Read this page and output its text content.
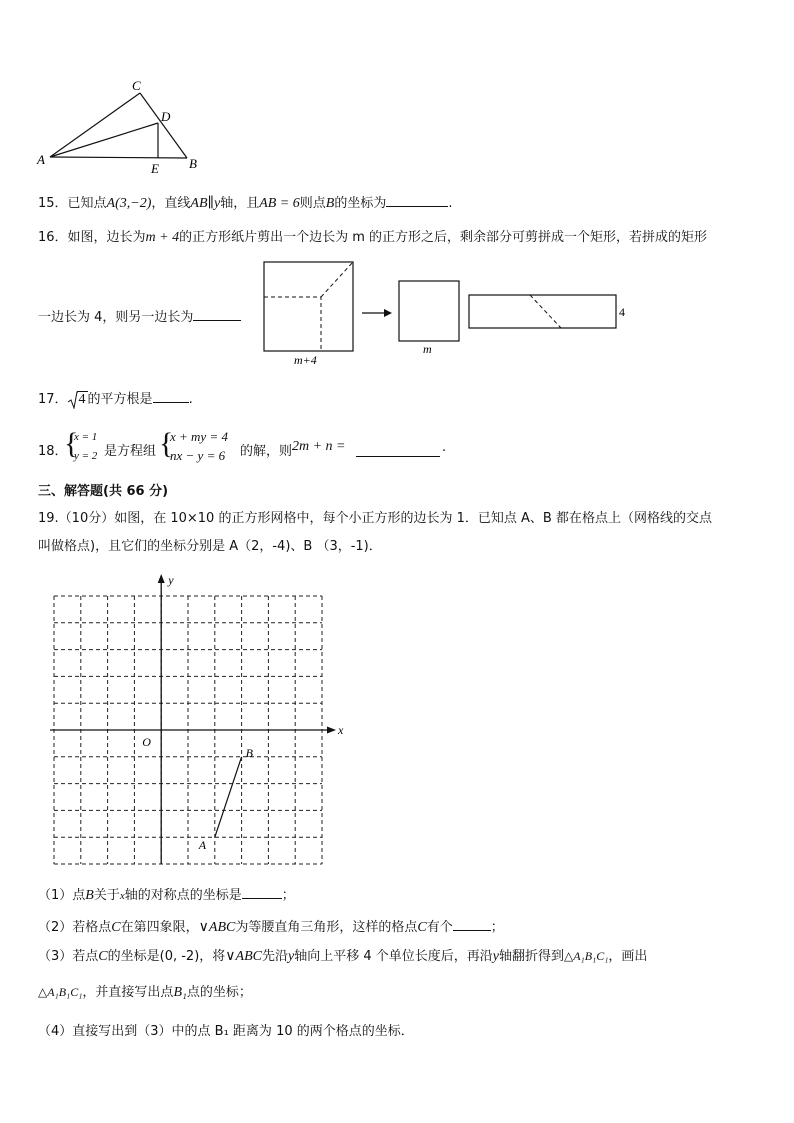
C
D
A
E B
15．已知点A(3,−2)，直线AB∥y轴，且AB = 6则点B的坐标为	.
16．如图，边长为m + 4的正方形纸片剪出一个边长为 m 的正方形之后，剩余部分可剪拼成一个矩形，若拼成的矩形
一边长为 4，则另一边长为
m+4
m
4
17． 4 的平方根是	.
18．
{
x = 1
y = 2 是方程组 {
x + my = 4
nx − y = 6 的解，则 2m + n =	.
三、解答题(共 66 分)
19.（10分）如图，在 10×10 的正方形网格中，每个小正方形的边长为 1．已知点 A、B 都在格点上（网格线的交点
叫做格点)，且它们的坐标分别是 A（2，-4)、B （3，-1)．
x
y
O
A
B
（1）点B关于x轴的对称点的坐标是	；
（2）若格点C在第四象限，∨ABC为等腰直角三角形，这样的格点C有个	；
（3）若点C的坐标是(0, -2)，将∨ABC先沿y轴向上平移 4 个单位长度后，再沿y轴翻折得到△A₁B₁C₁，画出
△A₁B₁C₁，并直接写出点B₁点的坐标；
（4）直接写出到（3）中的点 B₁ 距离为 10 的两个格点的坐标．
